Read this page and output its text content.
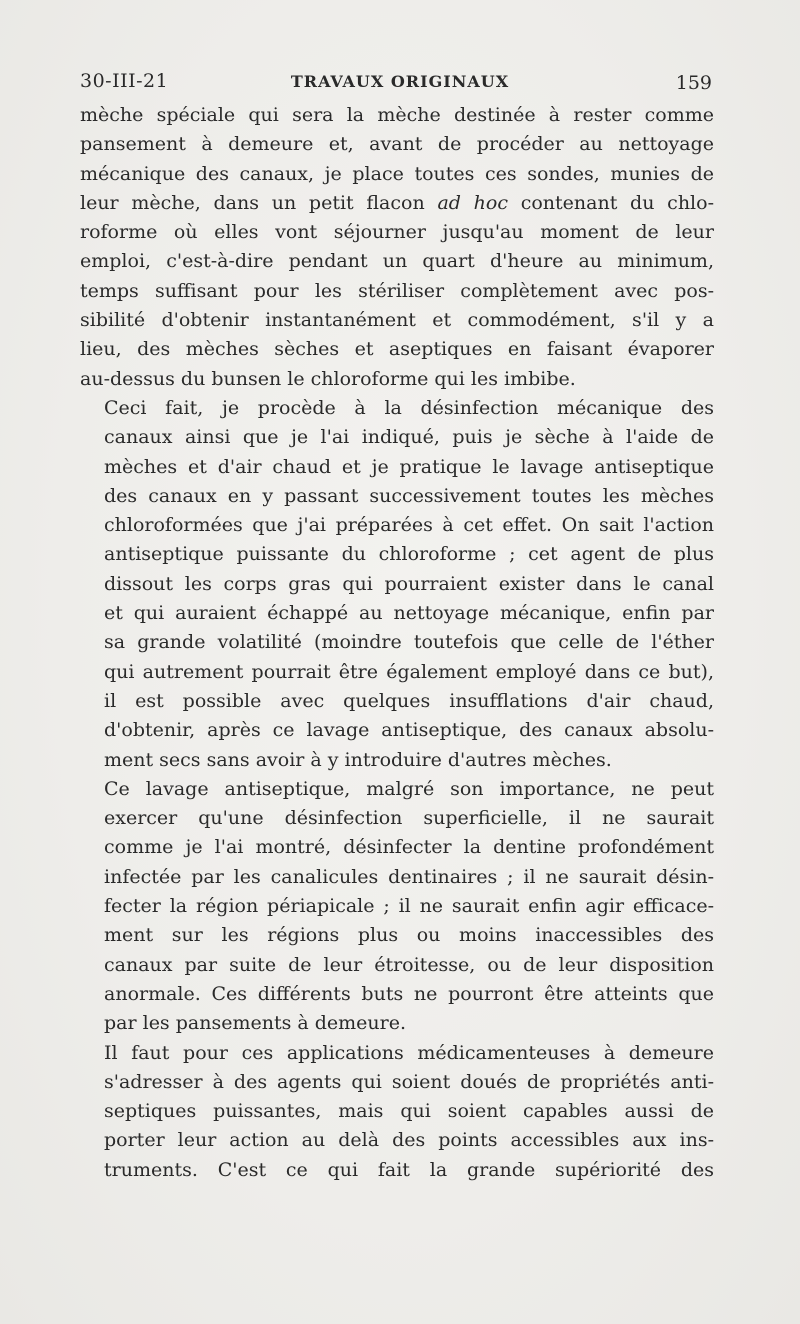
30-III-21	TRAVAUX ORIGINAUX	159

mèche spéciale qui sera la mèche destinée à rester comme
pansement à demeure et, avant de procéder au nettoyage
mécanique des canaux, je place toutes ces sondes, munies de
leur mèche, dans un petit flacon ad hoc contenant du chlo-
roforme où elles vont séjourner jusqu'au moment de leur
emploi, c'est-à-dire pendant un quart d'heure au minimum,
temps suffisant pour les stériliser complètement avec pos-
sibilité d'obtenir instantanément et commodément, s'il y a
lieu, des mèches sèches et aseptiques en faisant évaporer
au-dessus du bunsen le chloroforme qui les imbibe.

Ceci fait, je procède à la désinfection mécanique des
canaux ainsi que je l'ai indiqué, puis je sèche à l'aide de
mèches et d'air chaud et je pratique le lavage antiseptique
des canaux en y passant successivement toutes les mèches
chloroformées que j'ai préparées à cet effet. On sait l'action
antiseptique puissante du chloroforme ; cet agent de plus
dissout les corps gras qui pourraient exister dans le canal
et qui auraient échappé au nettoyage mécanique, enfin par
sa grande volatilité (moindre toutefois que celle de l'éther
qui autrement pourrait être également employé dans ce but),
il est possible avec quelques insufflations d'air chaud,
d'obtenir, après ce lavage antiseptique, des canaux absolu-
ment secs sans avoir à y introduire d'autres mèches.

Ce lavage antiseptique, malgré son importance, ne peut
exercer qu'une désinfection superficielle, il ne saurait
comme je l'ai montré, désinfecter la dentine profondément
infectée par les canalicules dentinaires ; il ne saurait désin-
fecter la région périapicale ; il ne saurait enfin agir efficace-
ment sur les régions plus ou moins inaccessibles des
canaux par suite de leur étroitesse, ou de leur disposition
anormale. Ces différents buts ne pourront être atteints que
par les pansements à demeure.

Il faut pour ces applications médicamenteuses à demeure
s'adresser à des agents qui soient doués de propriétés anti-
septiques puissantes, mais qui soient capables aussi de
porter leur action au delà des points accessibles aux ins-
truments. C'est ce qui fait la grande supériorité des
